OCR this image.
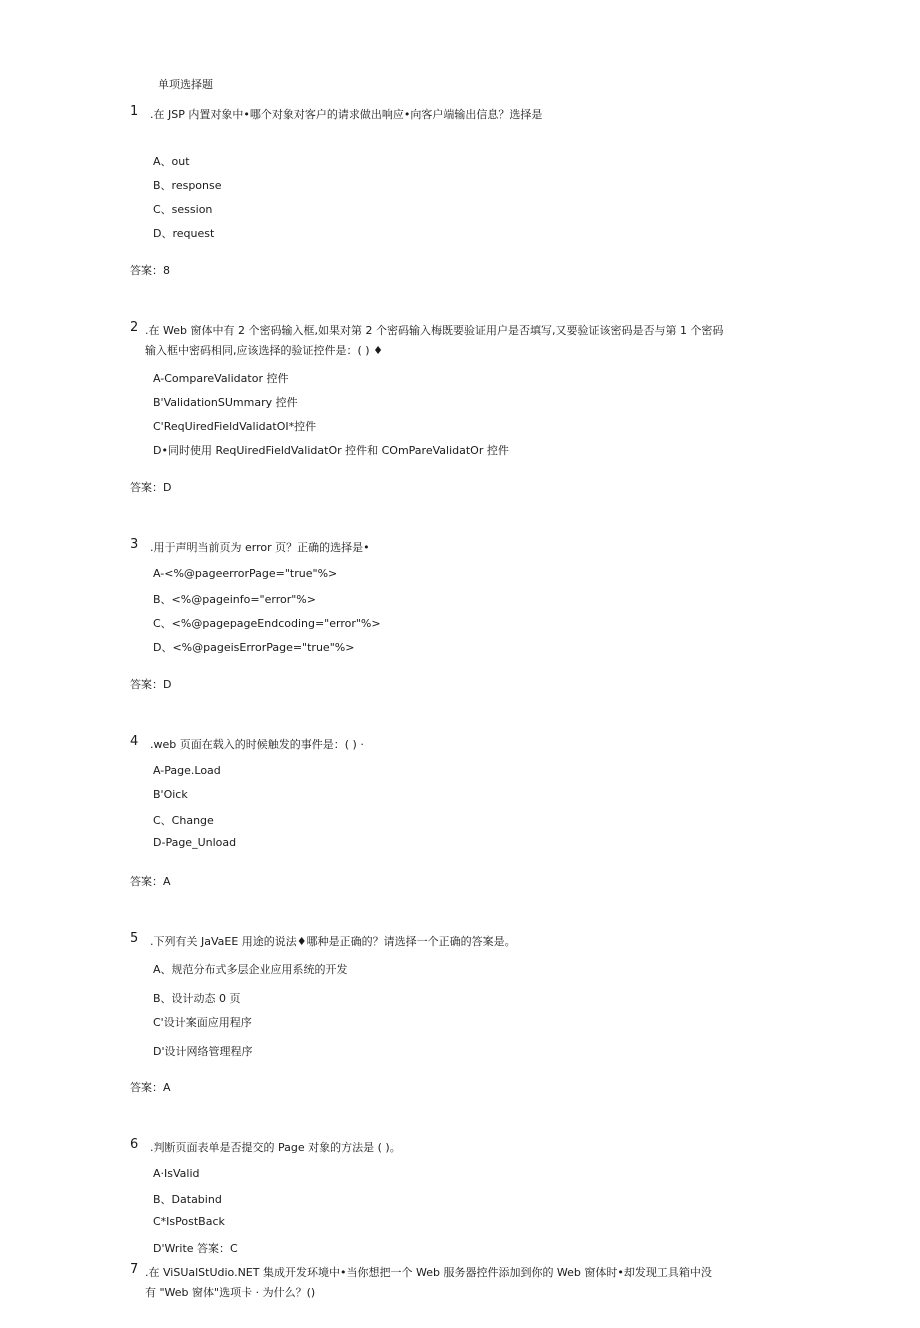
单项选择题
1 .在 JSP 内置对象中•哪个对象对客户的请求做出响应•向客户端输出信息？选择是
A、out
B、response
C、session
D、request
答案：8
2 .在 Web 窗体中有 2 个密码输入框,如果对第 2 个密码输入梅既要验证用户是否填写,又要验证该密码是否与第 1 个密码
输入框中密码相同,应该选择的验证控件是：( ) ♦
A-CompareValidator 控件
B'ValidationSUmmary 控件
C'ReqUiredFieldValidatOI*控件
D•同时使用 ReqUiredFieldValidatOr 控件和 COmPareValidatOr 控件
答案：D
3 .用于声明当前页为 error 页？正确的选择是•
A-<%@pageerrorPage="true"%>
B、<%@pageinfo="error"%>
C、<%@pagepageEndcoding="error"%>
D、<%@pageisErrorPage="true"%>
答案：D
4 .web 页面在载入的时候触发的事件是：( ) ·
A-Page.Load
B'Oick
C、Change
D-Page_Unload
答案：A
5 .下列有关 JaVaEE 用途的说法♦哪种是正确的？请选择一个正确的答案是。
A、规范分布式多层企业应用系统的开发
B、设计动态 0 页
C'设计案面应用程序
D'设计网络管理程序
答案：A
6 .判断页面表单是否提交的 Page 对象的方法是 ( )。
A·IsValid
B、Databind
C*IsPostBack
D'Write 答案：C
7 .在 ViSUalStUdio.NET 集成开发环境中•当你想把一个 Web 服务器控件添加到你的 Web 窗体时•却发现工具箱中没
有 "Web 窗体"选项卡 · 为什么？()
